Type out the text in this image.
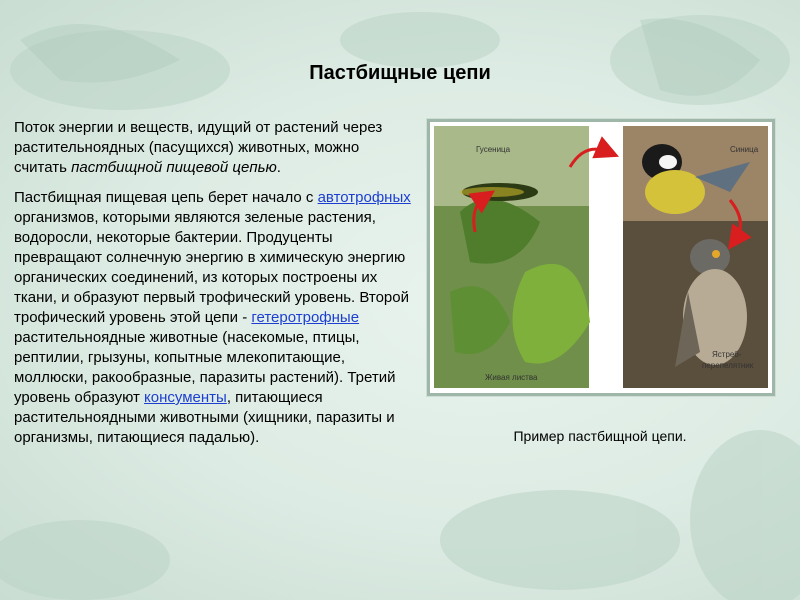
Пастбищные цепи

Поток энергии и веществ, идущий от растений через растительноядных (пасущихся) животных, можно считать пастбищной пищевой цепью.

Пастбищная пищевая цепь берет начало с автотрофных организмов, которыми являются зеленые растения, водоросли, некоторые бактерии. Продуценты превращают солнечную энергию в химическую энергию органических соединений, из которых построены их ткани, и образуют первый трофический уровень. Второй трофический уровень этой цепи - гетеротрофные растительноядные животные (насекомые, птицы, рептилии, грызуны, копытные млекопитающие, моллюски, ракообразные, паразиты растений). Третий уровень образуют консументы, питающиеся растительноядными животными (хищники, паразиты и организмы, питающиеся падалью).

Гусеница	Синица
Ястреб-
перепелятник
Живая листва
Пример пастбищной цепи.
